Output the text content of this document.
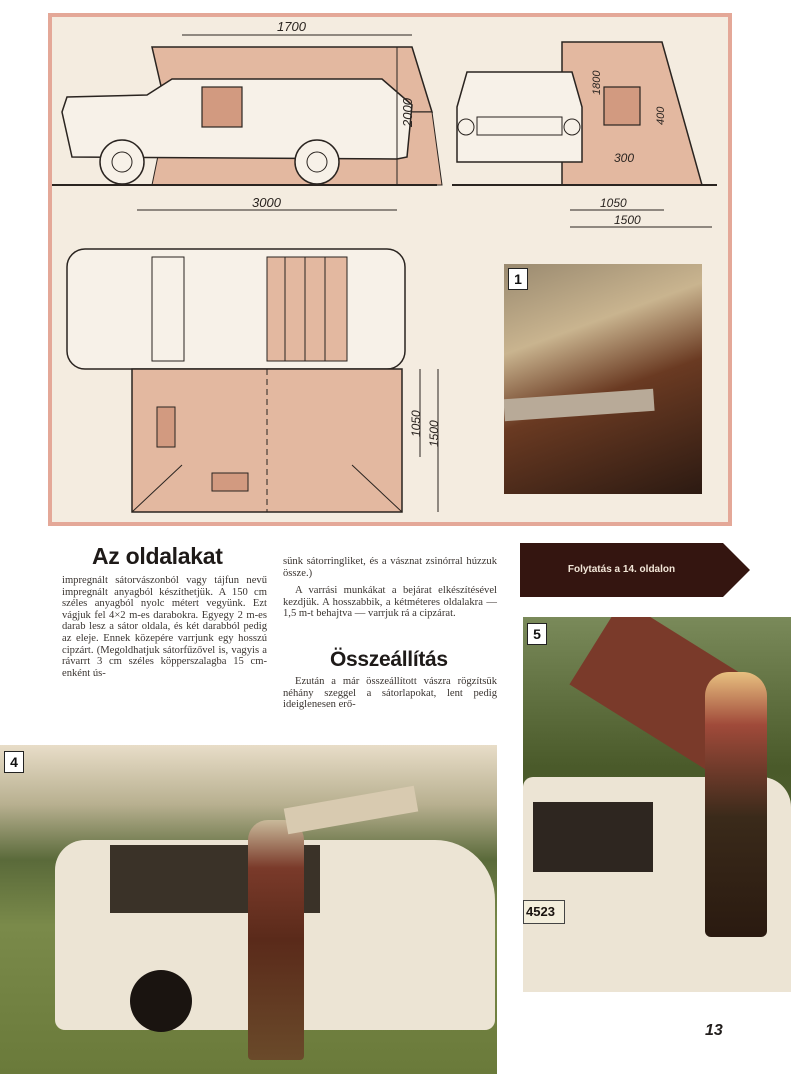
1700
2000
3000
1800
400
300
1050
1500
1050 1500
1
Az oldalakat

impregnált sátorvászonból vagy tájfun nevű impregnált anyagból készíthetjük. A 150 cm széles anyagból nyolc métert vegyünk. Ezt vágjuk fel 4×2 m-es darabokra. Egyegy 2 m-es darab lesz a sátor oldala, és két darabból pedig az eleje. Ennek közepére varrjunk egy hosszú cipzárt. (Megoldhatjuk sátorfűzővel is, vagyis a rávarrt 3 cm széles köpperszalagba 15 cm-enként ús-

sünk sátorringliket, és a vásznat zsinórral húzzuk össze.)

A varrási munkákat a bejárat elkészítésével kezdjük. A hosszabbik, a kétméteres oldalakra — 1,5 m-t behajtva — varrjuk rá a cipzárat.

Összeállítás

Ezután a már összeállított vászra rögzítsük néhány szeggel a sátorlapokat, lent pedig ideiglenesen erő-

Folytatás a 14. oldalon
4
4523
5
13
